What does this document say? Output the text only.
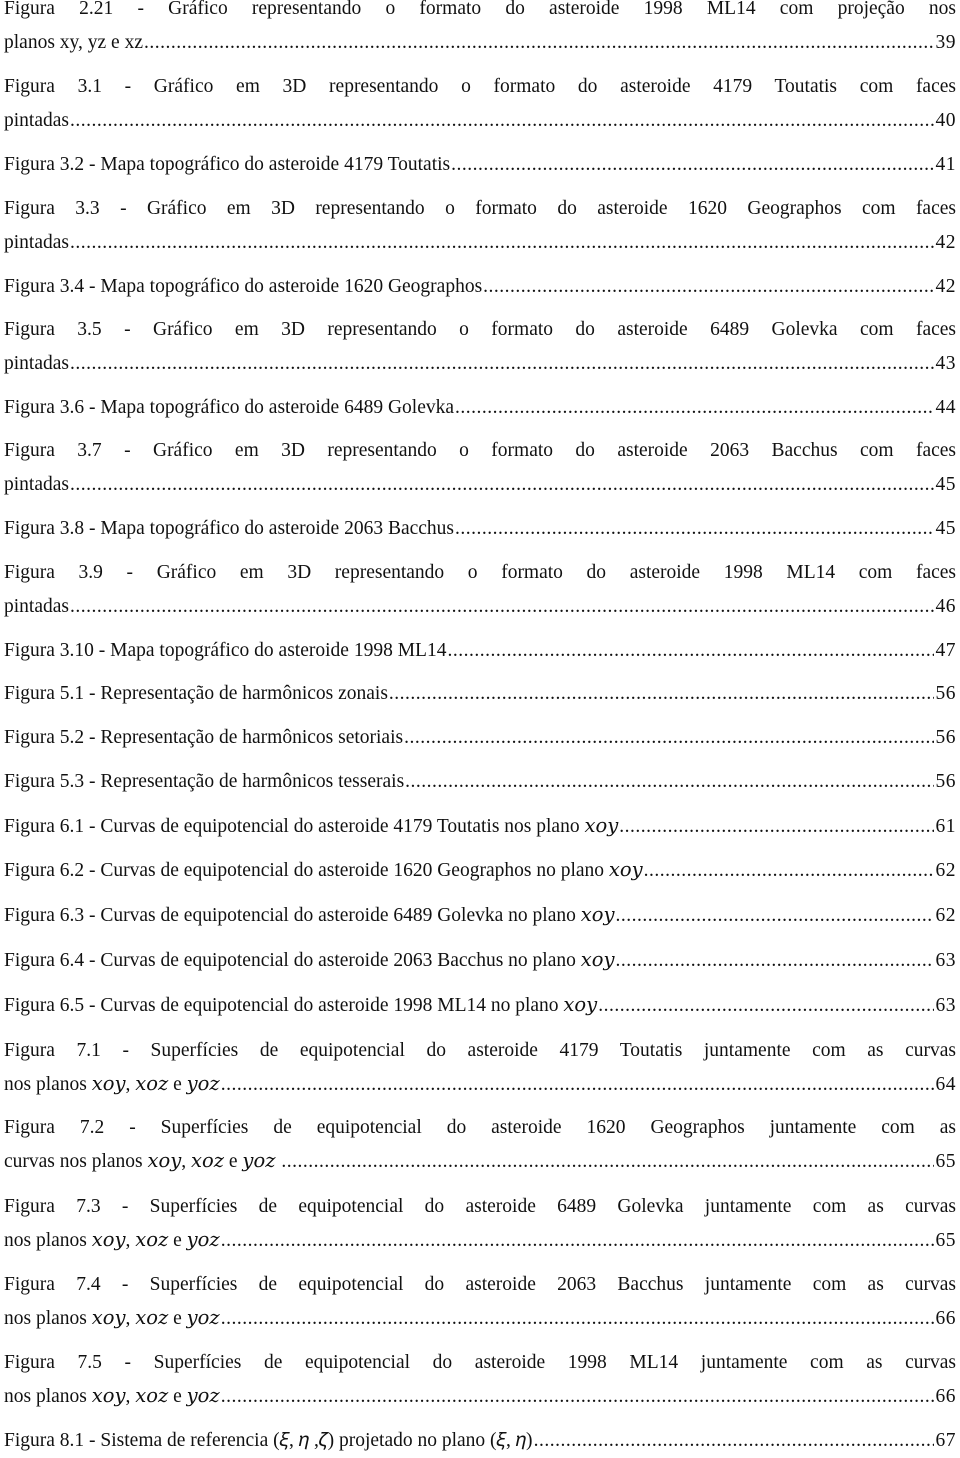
Figura 2.21 - Gráfico representando o formato do asteroide 1998 ML14 com projeção nos
planos xy, yz e xz .....	39
Figura 3.1 - Gráfico em 3D representando o formato do asteroide 4179 Toutatis com faces
pintadas .....	40
Figura 3.2 - Mapa topográfico do asteroide 4179 Toutatis .....	41
Figura 3.3 - Gráfico em 3D representando o formato do asteroide 1620 Geographos com faces
pintadas .....	42
Figura 3.4 - Mapa topográfico do asteroide 1620 Geographos .....	42
Figura 3.5 - Gráfico em 3D representando o formato do asteroide 6489 Golevka com faces
pintadas .....	43
Figura 3.6 - Mapa topográfico do asteroide 6489 Golevka .....	44
Figura 3.7 - Gráfico em 3D representando o formato do asteroide 2063 Bacchus com faces
pintadas .....	45
Figura 3.8 - Mapa topográfico do asteroide 2063 Bacchus .....	45
Figura 3.9 - Gráfico em 3D representando o formato do asteroide 1998 ML14 com faces
pintadas .....	46
Figura 3.10 - Mapa topográfico do asteroide 1998 ML14 .....	47
Figura 5.1 - Representação de harmônicos zonais .....	56
Figura 5.2 - Representação de harmônicos setoriais .....	56
Figura 5.3 - Representação de harmônicos tesserais .....	56
Figura 6.1 - Curvas de equipotencial do asteroide 4179 Toutatis nos plano 𝑥𝑜𝑦 .....	61
Figura 6.2 - Curvas de equipotencial do asteroide 1620 Geographos no plano 𝑥𝑜𝑦 .....	62
Figura 6.3 - Curvas de equipotencial do asteroide 6489 Golevka no plano 𝑥𝑜𝑦 .....	62
Figura 6.4 - Curvas de equipotencial do asteroide 2063 Bacchus no plano 𝑥𝑜𝑦 .....	63
Figura 6.5 - Curvas de equipotencial do asteroide 1998 ML14 no plano 𝑥𝑜𝑦 .....	63
Figura 7.1 - Superfícies de equipotencial do asteroide 4179 Toutatis juntamente com as curvas
nos planos 𝑥𝑜𝑦, 𝑥𝑜𝑧 e 𝑦𝑜𝑧 .....	64
Figura 7.2 - Superfícies de equipotencial do asteroide 1620 Geographos juntamente com as
curvas nos planos 𝑥𝑜𝑦, 𝑥𝑜𝑧 e 𝑦𝑜𝑧 .....	65
Figura 7.3 - Superfícies de equipotencial do asteroide 6489 Golevka juntamente com as curvas
nos planos 𝑥𝑜𝑦, 𝑥𝑜𝑧 e 𝑦𝑜𝑧 .....	65
Figura 7.4 - Superfícies de equipotencial do asteroide 2063 Bacchus juntamente com as curvas
nos planos 𝑥𝑜𝑦, 𝑥𝑜𝑧 e 𝑦𝑜𝑧 .....	66
Figura 7.5 - Superfícies de equipotencial do asteroide 1998 ML14 juntamente com as curvas
nos planos 𝑥𝑜𝑦, 𝑥𝑜𝑧 e 𝑦𝑜𝑧 .....	66
Figura 8.1 - Sistema de referencia (𝜉, 𝜂 ,𝜁) projetado no plano (𝜉, 𝜂) .....	67
